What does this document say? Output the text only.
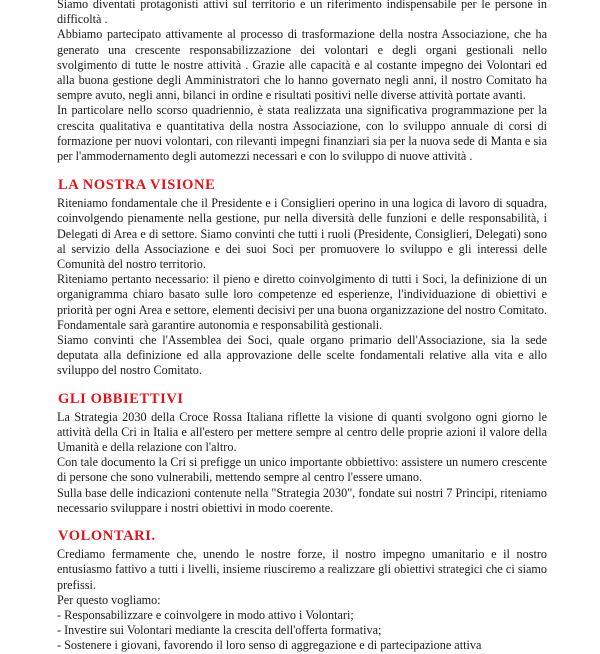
Siamo diventati protagonisti attivi sul territorio e un riferimento indispensabile per le persone in difficoltà .

Abbiamo partecipato attivamente al processo di trasformazione della nostra Associazione, che ha generato una crescente responsabilizzazione dei volontari e degli organi gestionali nello svolgimento di tutte le nostre attività . Grazie alle capacità e al costante impegno dei Volontari ed alla buona gestione degli Amministratori che lo hanno governato negli anni, il nostro Comitato ha sempre avuto, negli anni, bilanci in ordine e risultati positivi nelle diverse attività portate avanti.

In particolare nello scorso quadriennio, è stata realizzata una significativa programmazione per la crescita qualitativa e quantitativa della nostra Associazione, con lo sviluppo annuale di corsi di formazione per nuovi volontari, con rilevanti impegni finanziari sia per la nuova sede di Manta e sia per l'ammodernamento degli automezzi necessari e con lo sviluppo di nuove attività .

LA NOSTRA VISIONE

Riteniamo fondamentale che il Presidente e i Consiglieri operino in una logica di lavoro di squadra, coinvolgendo pienamente nella gestione, pur nella diversità delle funzioni e delle responsabilità, i Delegati di Area e di settore. Siamo convinti che tutti i ruoli (Presidente, Consiglieri, Delegati) sono al servizio della Associazione e dei suoi Soci per promuovere lo sviluppo e gli interessi delle Comunità del nostro territorio.

Riteniamo pertanto necessario: il pieno e diretto coinvolgimento di tutti i Soci, la definizione di un organigramma chiaro basato sulle loro competenze ed esperienze, l'individuazione di obiettivi e priorità per ogni Area e settore, elementi decisivi per una buona organizzazione del nostro Comitato. Fondamentale sarà garantire autonomia e responsabilità gestionali.

Siamo convinti che l'Assemblea dei Soci, quale organo primario dell'Associazione, sia la sede deputata alla definizione ed alla approvazione delle scelte fondamentali relative alla vita e allo sviluppo del nostro Comitato.

GLI OBBIETTIVI

La Strategia 2030 della Croce Rossa Italiana riflette la visione di quanti svolgono ogni giorno le attività della Cri in Italia e all'estero per mettere sempre al centro delle proprie azioni il valore della Umanità e della relazione con l'altro.

Con tale documento la Cri si prefigge un unico importante obbiettivo: assistere un numero crescente di persone che sono vulnerabili, mettendo sempre al centro l'essere umano.

Sulla base delle indicazioni contenute nella "Strategia 2030", fondate sui nostri 7 Principi, riteniamo necessario sviluppare i nostri obiettivi in modo coerente.

VOLONTARI.

Crediamo fermamente che, unendo le nostre forze, il nostro impegno umanitario e il nostro entusiasmo fattivo a tutti i livelli, insieme riusciremo a realizzare gli obiettivi strategici che ci siamo prefissi.

Per questo vogliamo:

- Responsabilizzare e coinvolgere in modo attivo i Volontari;
- Investire sui Volontari mediante la crescita dell'offerta formativa;
- Sostenere i giovani, favorendo il loro senso di aggregazione e di partecipazione attiva
